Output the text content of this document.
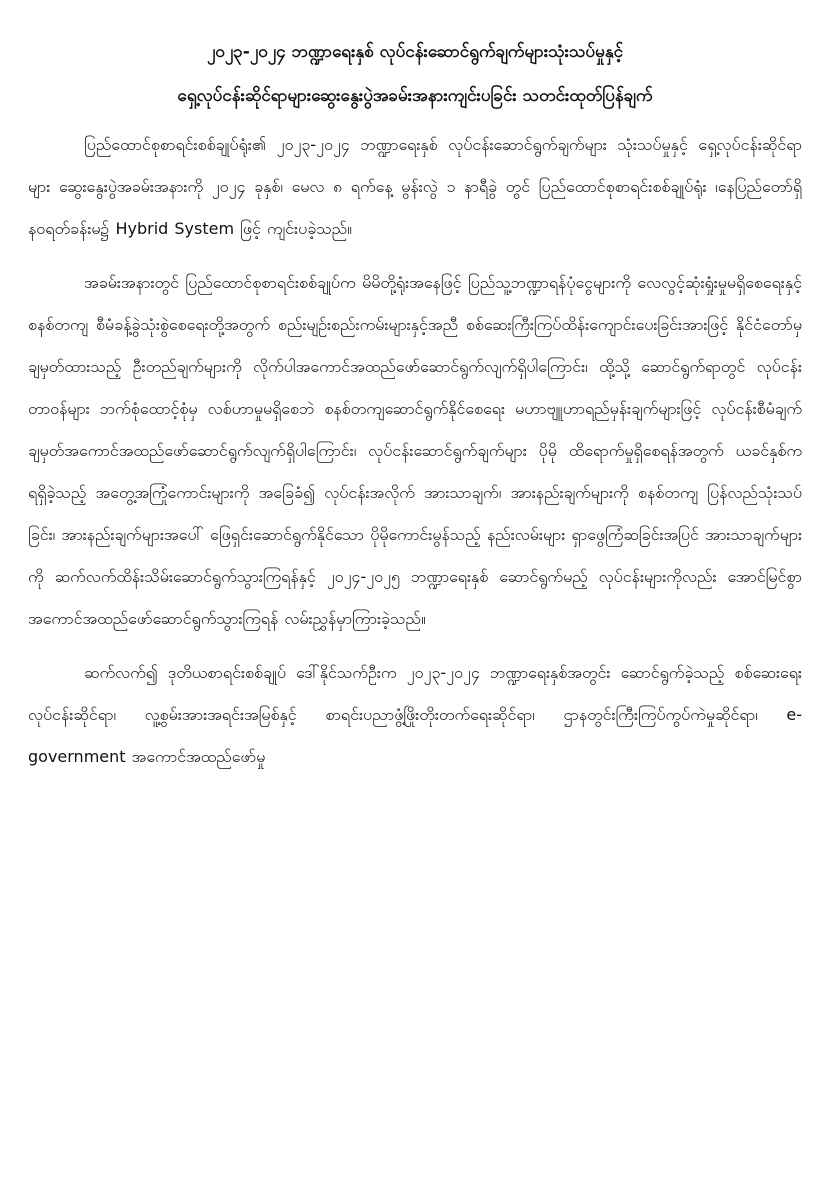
၂၀၂၃-၂၀၂၄ ဘဏ္ဍာရေးနှစ် လုပ်ငန်းဆောင်ရွက်ချက်များသုံးသပ်မှုနှင့်

ရှေ့လုပ်ငန်းဆိုင်ရာများဆွေးနွေးပွဲအခမ်းအနားကျင်းပခြင်း သတင်းထုတ်ပြန်ချက်

ပြည်ထောင်စုစာရင်းစစ်ချုပ်ရုံး၏ ၂၀၂၃-၂၀၂၄ ဘဏ္ဍာရေးနှစ် လုပ်ငန်းဆောင်ရွက်ချက်များ သုံးသပ်မှုနှင့် ရှေ့လုပ်ငန်းဆိုင်ရာများ ဆွေးနွေးပွဲအခမ်းအနားကို ၂၀၂၄ ခုနှစ်၊ မေလ ၈ ရက်နေ့ မွန်းလွဲ ၁ နာရီခွဲ တွင် ပြည်ထောင်စုစာရင်းစစ်ချုပ်ရုံး ၊နေပြည်တော်ရှိ နဝရတ်ခန်းမ၌ Hybrid System ဖြင့် ကျင်းပခဲ့သည်။

အခမ်းအနားတွင် ပြည်ထောင်စုစာရင်းစစ်ချုပ်က မိမိတို့ရုံးအနေဖြင့် ပြည်သူ့ဘဏ္ဍာရန်ပုံငွေများကို လေလွင့်ဆုံးရှုံးမှုမရှိစေရေးနှင့် စနစ်တကျ စီမံခန့်ခွဲသုံးစွဲစေရေးတို့အတွက် စည်းမျဉ်းစည်းကမ်းများနှင့်အညီ စစ်ဆေးကြီးကြပ်ထိန်းကျောင်းပေးခြင်းအားဖြင့် နိုင်ငံတော်မှ ချမှတ်ထားသည့် ဦးတည်ချက်များကို လိုက်ပါအကောင်အထည်ဖော်ဆောင်ရွက်လျက်ရှိပါကြောင်း၊ ထို့သို့ ဆောင်ရွက်ရာတွင် လုပ်ငန်းတာဝန်များ ဘက်စုံထောင့်စုံမှ လစ်ဟာမှုမရှိစေဘဲ စနစ်တကျဆောင်ရွက်နိုင်စေရေး မဟာဗျူဟာရည်မှန်းချက်များဖြင့် လုပ်ငန်းစီမံချက် ချမှတ်အကောင်အထည်ဖော်ဆောင်ရွက်လျက်ရှိပါကြောင်း၊ လုပ်ငန်းဆောင်ရွက်ချက်များ ပိုမို ထိရောက်မှုရှိစေရန်အတွက် ယခင်နှစ်က ရရှိခဲ့သည့် အတွေ့အကြုံကောင်းများကို အခြေခံ၍ လုပ်ငန်းအလိုက် အားသာချက်၊ အားနည်းချက်များကို စနစ်တကျ ပြန်လည်သုံးသပ်ခြင်း၊ အားနည်းချက်များအပေါ် ဖြေရှင်းဆောင်ရွက်နိုင်သော ပိုမိုကောင်းမွန်သည့် နည်းလမ်းများ ရှာဖွေကြံဆခြင်းအပြင် အားသာချက်များကို ဆက်လက်ထိန်းသိမ်းဆောင်ရွက်သွားကြရန်နှင့် ၂၀၂၄-၂၀၂၅ ဘဏ္ဍာရေးနှစ် ဆောင်ရွက်မည့် လုပ်ငန်းများကိုလည်း အောင်မြင်စွာ အကောင်အထည်ဖော်ဆောင်ရွက်သွားကြရန် လမ်းညွှန်မှာကြားခဲ့သည်။

ဆက်လက်၍ ဒုတိယစာရင်းစစ်ချုပ် ဒေါ်နိုင်သက်ဦးက ၂၀၂၃-၂၀၂၄ ဘဏ္ဍာရေးနှစ်အတွင်း ဆောင်ရွက်ခဲ့သည့် စစ်ဆေးရေးလုပ်ငန်းဆိုင်ရာ၊ လူ့စွမ်းအားအရင်းအမြစ်နှင့် စာရင်းပညာဖွံ့ဖြိုးတိုးတက်ရေးဆိုင်ရာ၊ ဌာနတွင်းကြီးကြပ်ကွပ်ကဲမှုဆိုင်ရာ၊ e-government အကောင်အထည်ဖော်မှု
